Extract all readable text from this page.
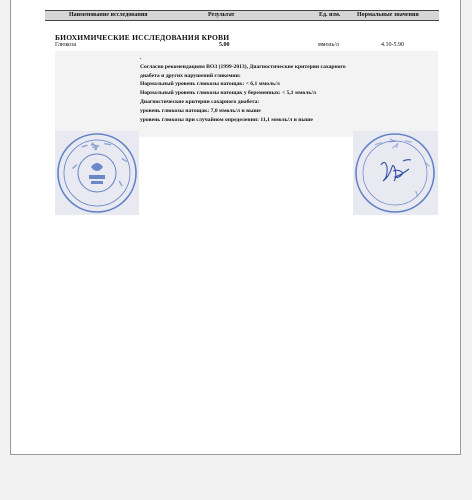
Наименование исследования	Результат	Ед. изм.	Нормальные значения
БИОХИМИЧЕСКИЕ ИССЛЕДОВАНИЯ КРОВИ
Глюкоза	5.00	ммоль/л	4.10-5.90
.
Согласно рекомендациям ВОЗ (1999-2013), Диагностические критерии сахарного
диабета и других нарушений гликемии:
Нормальный уровень глюкозы натощак: < 6,1 ммоль/л
Нормальный уровень глюкозы натощак у беременных: < 5,1 ммоль/л
Диагностические критерии сахарного диабета:
уровень глюкозы натощак: 7,0 ммоль/л и выше
уровень глюкозы при случайном определении: 11,1 ммоль/л и выше
